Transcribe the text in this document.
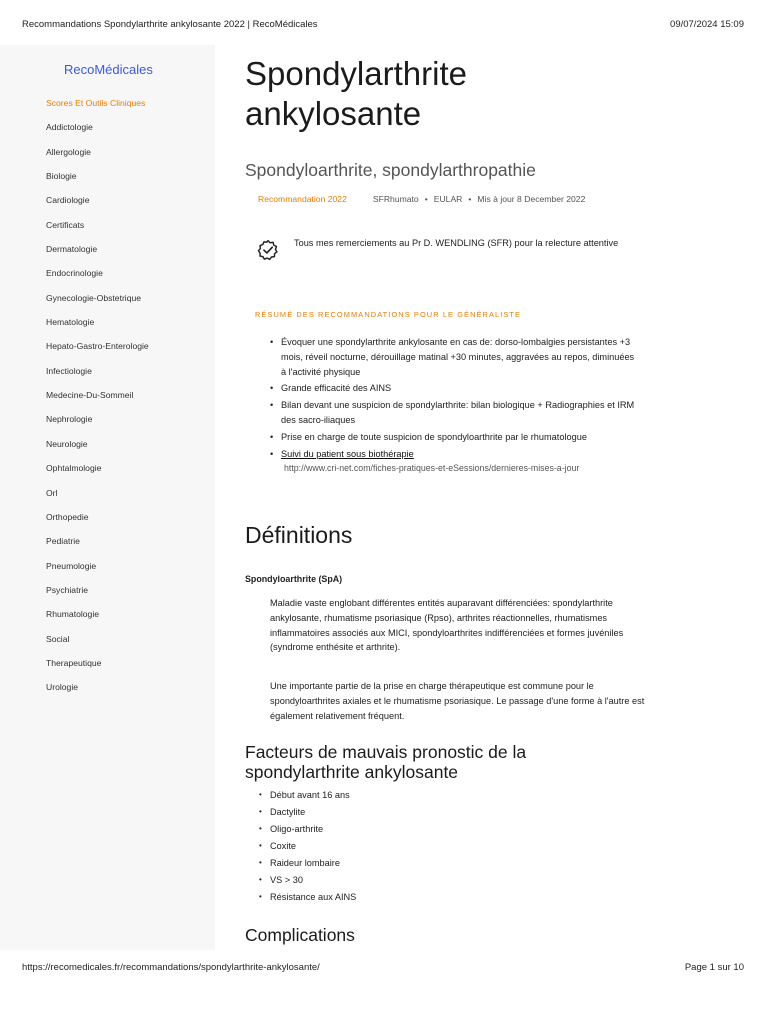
Recommandations Spondylarthrite ankylosante 2022 | RecoMédicales	09/07/2024 15:09
RecoMédicales
Scores Et Outils Cliniques
Addictologie
Allergologie
Biologie
Cardiologie
Certificats
Dermatologie
Endocrinologie
Gynecologie-Obstetrique
Hematologie
Hepato-Gastro-Enterologie
Infectiologie
Medecine-Du-Sommeil
Nephrologie
Neurologie
Ophtalmologie
Orl
Orthopedie
Pediatrie
Pneumologie
Psychiatrie
Rhumatologie
Social
Therapeutique
Urologie
Spondylarthrite ankylosante
Spondyloarthrite, spondylarthropathie
Recommandation 2022	SFRhumato • EULAR • Mis à jour 8 December 2022

Tous mes remerciements au Pr D. WENDLING (SFR) pour la relecture attentive

RÉSUMÉ DES RECOMMANDATIONS POUR LE GÉNÉRALISTE
• Évoquer une spondylarthrite ankylosante en cas de: dorso-lombalgies persistantes +3 mois, réveil nocturne, dérouillage matinal +30 minutes, aggravées au repos, diminuées à l'activité physique
• Grande efficacité des AINS
• Bilan devant une suspicion de spondylarthrite: bilan biologique + Radiographies et IRM des sacro-iliaques
• Prise en charge de toute suspicion de spondyloarthrite par le rhumatologue
• Suivi du patient sous biothérapie
http://www.cri-net.com/fiches-pratiques-et-eSessions/dernieres-mises-a-jour
Définitions
Spondyloarthrite (SpA)

Maladie vaste englobant différentes entités auparavant différenciées: spondylarthrite ankylosante, rhumatisme psoriasique (Rpso), arthrites réactionnelles, rhumatismes inflammatoires associés aux MICI, spondyloarthrites indifférenciées et formes juvéniles (syndrome enthésite et arthrite).

Une importante partie de la prise en charge thérapeutique est commune pour le spondyloarthrites axiales et le rhumatisme psoriasique. Le passage d'une forme à l'autre est également relativement fréquent.

Facteurs de mauvais pronostic de la spondylarthrite ankylosante
• Début avant 16 ans
• Dactylite
• Oligo-arthrite
• Coxite
• Raideur lombaire
• VS > 30
• Résistance aux AINS
Complications
https://recomedicales.fr/recommandations/spondylarthrite-ankylosante/	Page 1 sur 10
